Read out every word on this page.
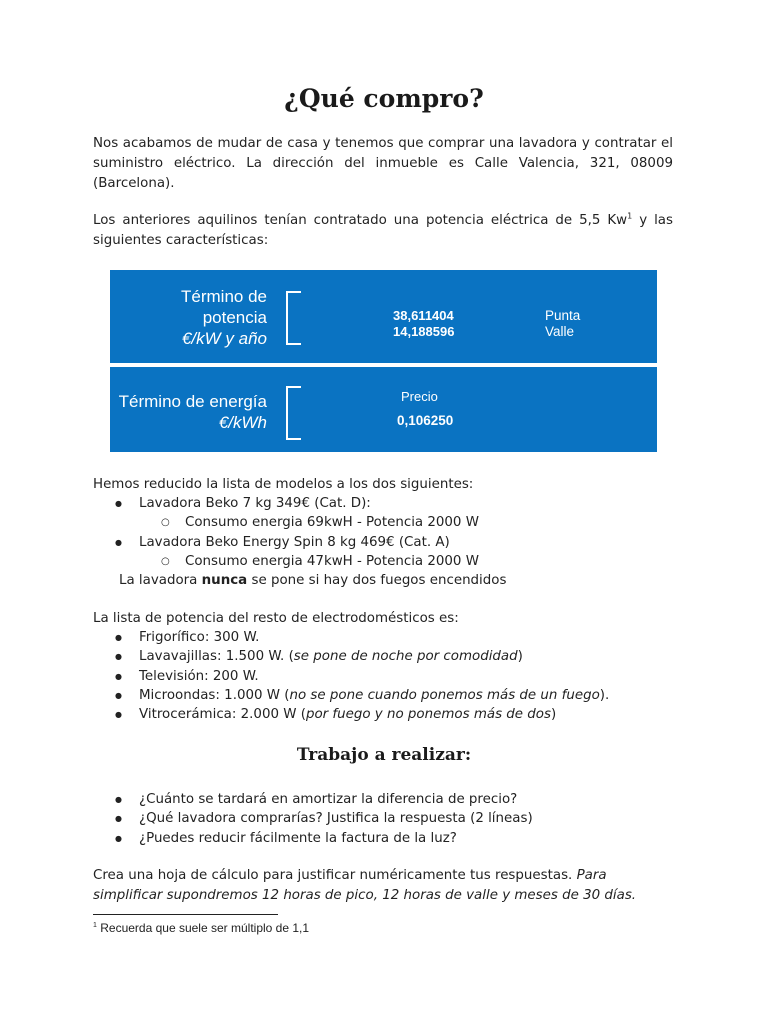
¿Qué compro?
Nos acabamos de mudar de casa y tenemos que comprar una lavadora y contratar el suministro eléctrico. La dirección del inmueble es Calle Valencia, 321, 08009 (Barcelona).
Los anteriores aquilinos tenían contratado una potencia eléctrica de 5,5 Kw$^1$ y las siguientes características:
Término de
potencia
€/kW y año
38,611404
14,188596
Punta
Valle
Término de energía
€/kWh
Precio
0,106250
Hemos reducido la lista de modelos a los dos siguientes:
● Lavadora Beko 7 kg 349€ (Cat. D):
○ Consumo energia 69kwH - Potencia 2000 W
● Lavadora Beko Energy Spin 8 kg 469€ (Cat. A)
○ Consumo energia 47kwH - Potencia 2000 W
La lavadora nunca se pone si hay dos fuegos encendidos
La lista de potencia del resto de electrodomésticos es:
● Frigorífico: 300 W.
● Lavavajillas: 1.500 W. (se pone de noche por comodidad)
● Televisión: 200 W.
● Microondas: 1.000 W (no se pone cuando ponemos más de un fuego).
● Vitrocerámica: 2.000 W (por fuego y no ponemos más de dos)
Trabajo a realizar:
● ¿Cuánto se tardará en amortizar la diferencia de precio?
● ¿Qué lavadora comprarías? Justifica la respuesta (2 líneas)
● ¿Puedes reducir fácilmente la factura de la luz?
Crea una hoja de cálculo para justificar numéricamente tus respuestas. Para simplificar supondremos 12 horas de pico, 12 horas de valle y meses de 30 días.
$^1$ Recuerda que suele ser múltiplo de 1,1
